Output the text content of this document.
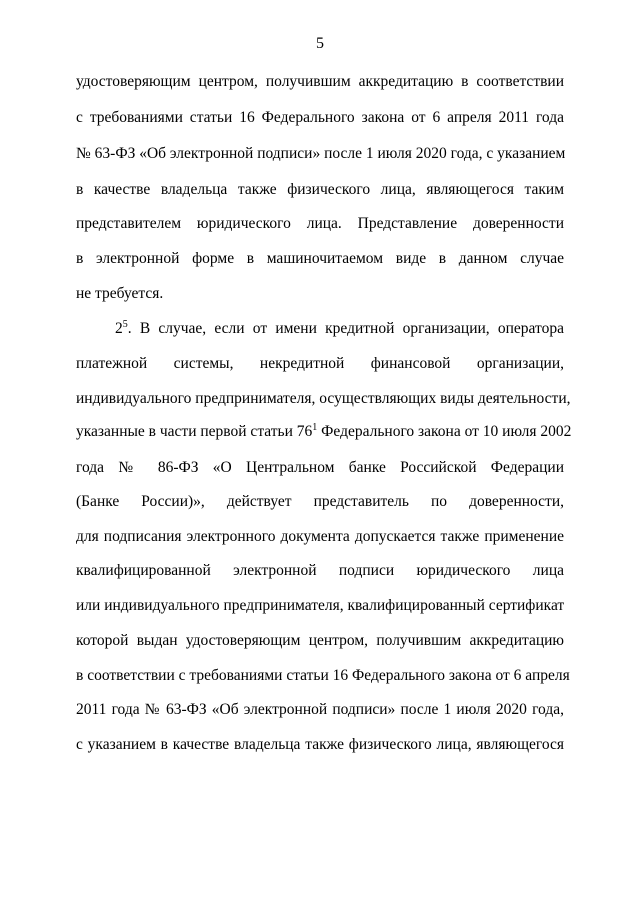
5
удостоверяющим центром, получившим аккредитацию в соответствии
с требованиями статьи 16 Федерального закона от 6 апреля 2011 года
№ 63-ФЗ «Об электронной подписи» после 1 июля 2020 года, с указанием
в качестве владельца также физического лица, являющегося таким
представителем юридического лица. Представление доверенности
в электронной форме в машиночитаемом виде в данном случае
не требуется.
$2^5$. В случае, если от имени кредитной организации, оператора
платежной системы, некредитной финансовой организации,
индивидуального предпринимателя, осуществляющих виды деятельности,
указанные в части первой статьи $76^1$ Федерального закона от 10 июля 2002
года № 86-ФЗ «О Центральном банке Российской Федерации
(Банке России)», действует представитель по доверенности,
для подписания электронного документа допускается также применение
квалифицированной электронной подписи юридического лица
или индивидуального предпринимателя, квалифицированный сертификат
которой выдан удостоверяющим центром, получившим аккредитацию
в соответствии с требованиями статьи 16 Федерального закона от 6 апреля
2011 года № 63-ФЗ «Об электронной подписи» после 1 июля 2020 года,
с указанием в качестве владельца также физического лица, являющегося
